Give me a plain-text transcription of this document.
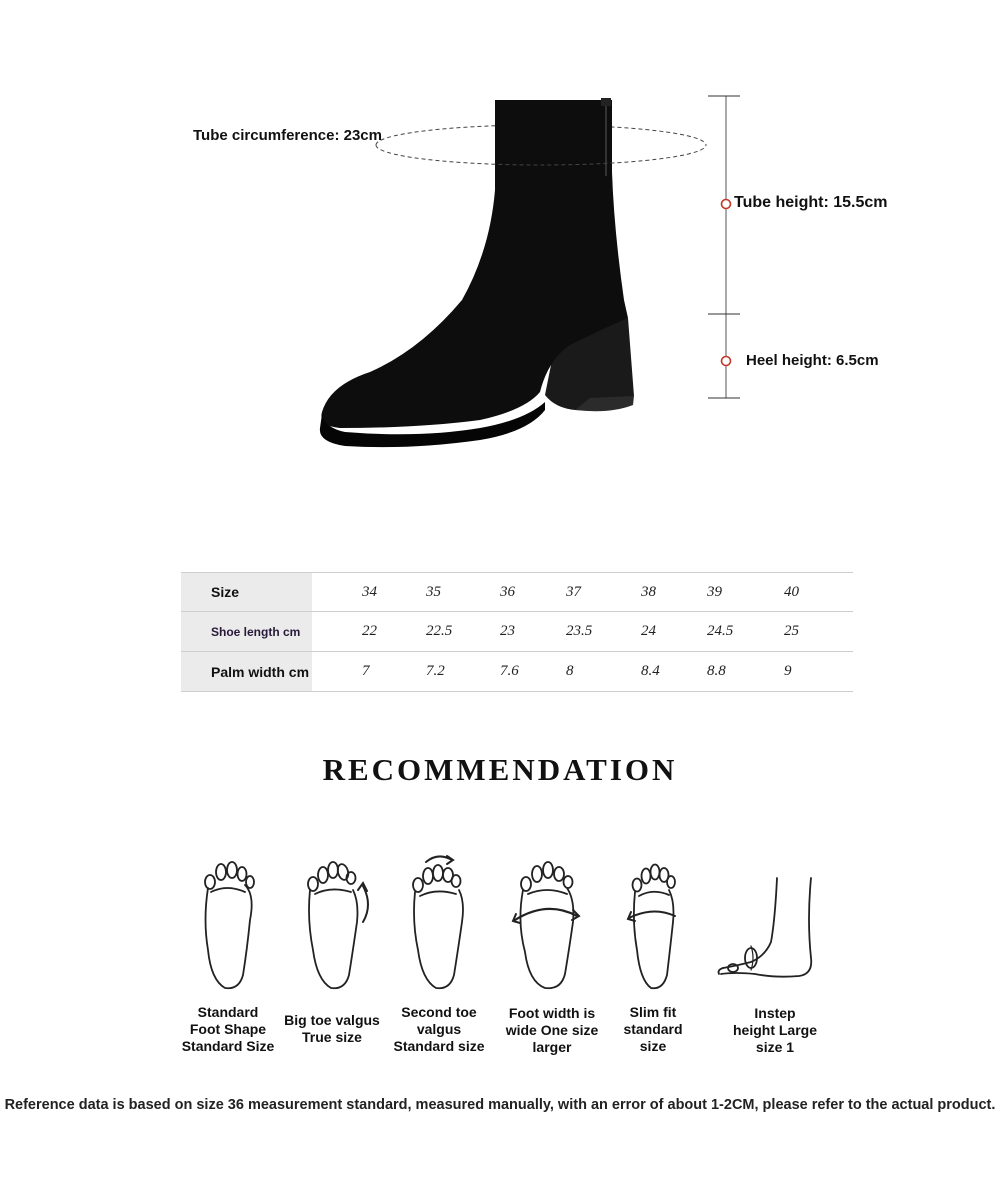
Tube circumference: 23cm
Tube height: 15.5cm
Heel height: 6.5cm
Size	34	35	36	37	38	39	40
Shoe length cm	22	22.5	23	23.5	24	24.5	25
Palm width cm	7	7.2	7.6	8	8.4	8.8	9
RECOMMENDATION
Standard
Foot Shape
Standard Size
Big toe valgus
True size
Second toe
valgus
Standard size
Foot width is
wide One size
larger
Slim fit
standard
size
Instep
height Large
size 1
Reference data is based on size 36 measurement standard, measured manually, with an error of about 1-2CM, please refer to the actual product.
